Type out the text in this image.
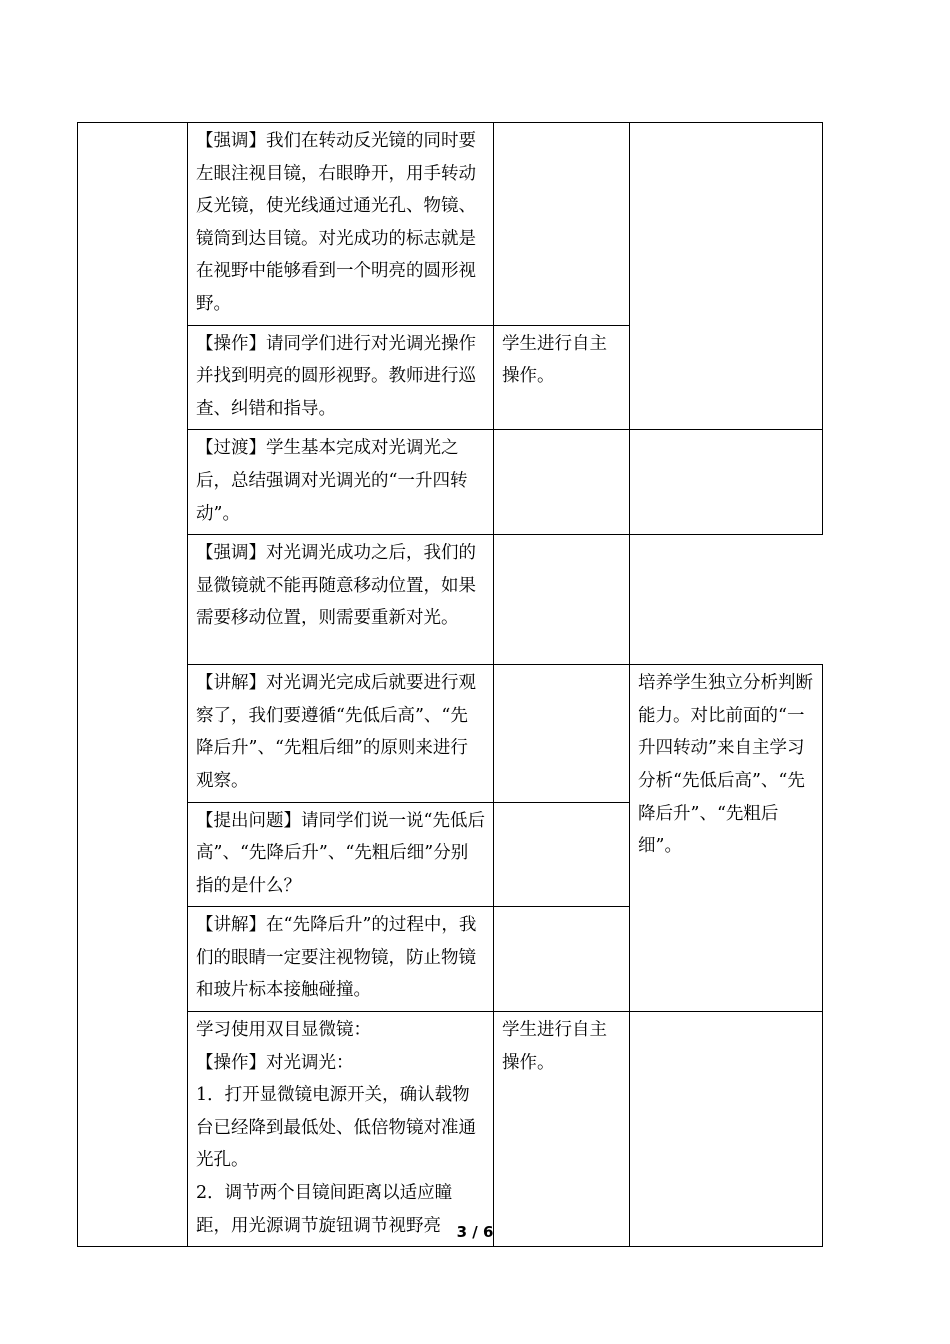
	【强调】我们在转动反光镜的同时要左眼注视目镜，右眼睁开，用手转动反光镜，使光线通过通光孔、物镜、镜筒到达目镜。对光成功的标志就是在视野中能够看到一个明亮的圆形视野。		
	【操作】请同学们进行对光调光操作并找到明亮的圆形视野。教师进行巡查、纠错和指导。	学生进行自主操作。	
	【过渡】学生基本完成对光调光之后，总结强调对光调光的“一升四转动”。		
	【强调】对光调光成功之后，我们的显微镜就不能再随意移动位置，如果需要移动位置，则需要重新对光。		
	【讲解】对光调光完成后就要进行观察了，我们要遵循“先低后高”、“先降后升”、“先粗后细”的原则来进行观察。		培养学生独立分析判断能力。对比前面的“一升四转动”来自主学习分析“先低后高”、“先降后升”、“先粗后细”。
	【提出问题】请同学们说一说“先低后高”、“先降后升”、“先粗后细”分别指的是什么？		
	【讲解】在“先降后升”的过程中，我们的眼睛一定要注视物镜，防止物镜和玻片标本接触碰撞。		

	学习使用双目显微镜：
【操作】对光调光：
1．打开显微镜电源开关，确认载物台已经降到最低处、低倍物镜对准通光孔。
2．调节两个目镜间距离以适应瞳距，用光源调节旋钮调节视野亮	学生进行自主操作。	
3 / 6
